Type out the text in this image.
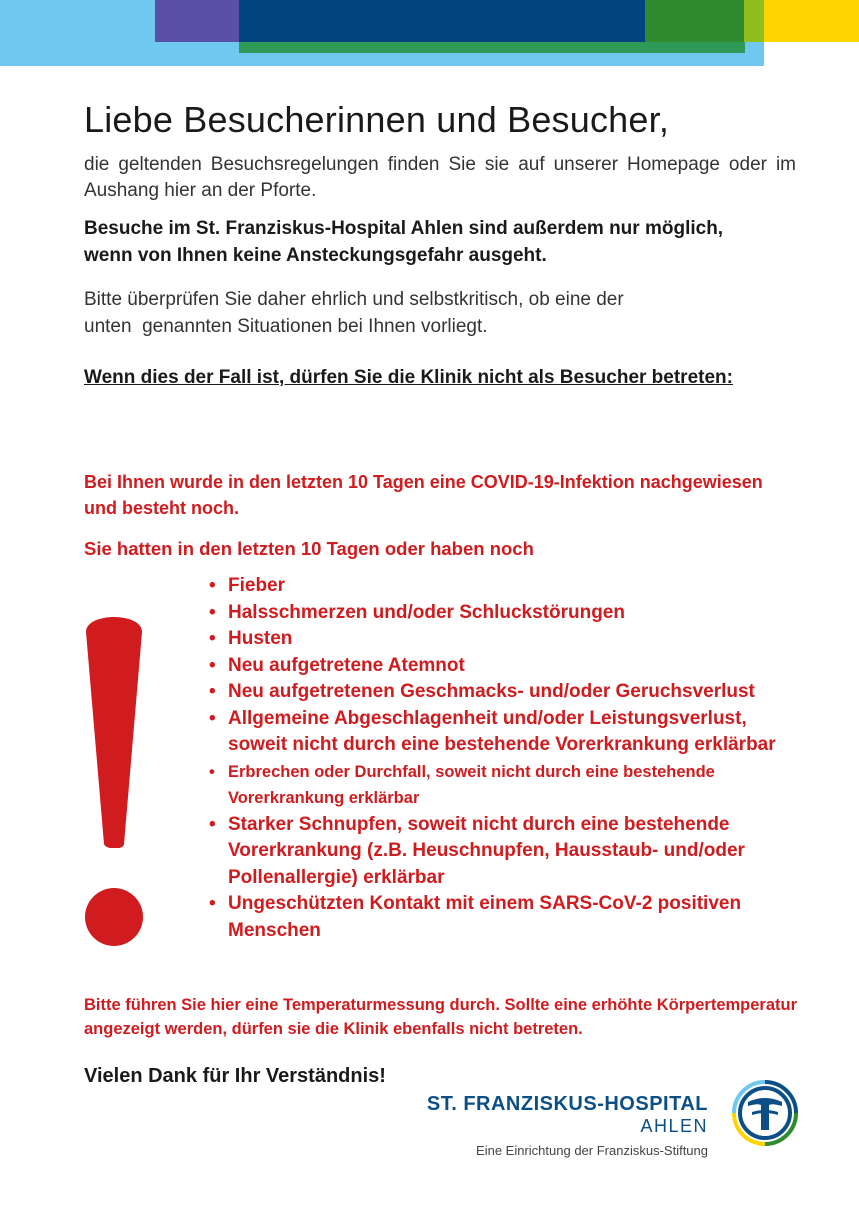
Liebe Besucherinnen und Besucher,

die geltenden Besuchsregelungen finden Sie sie auf unserer Homepage oder im Aushang hier an der Pforte.

Besuche im St. Franziskus-Hospital Ahlen sind außerdem nur möglich,
wenn von Ihnen keine Ansteckungsgefahr ausgeht.

Bitte überprüfen Sie daher ehrlich und selbstkritisch, ob eine der
unten  genannten Situationen bei Ihnen vorliegt.

Wenn dies der Fall ist, dürfen Sie die Klinik nicht als Besucher betreten:

Bei Ihnen wurde in den letzten 10 Tagen eine COVID-19-Infektion nachgewiesen und besteht noch.

Sie hatten in den letzten 10 Tagen oder haben noch

• Fieber
• Halsschmerzen und/oder Schluckstörungen
• Husten
• Neu aufgetretene Atemnot
• Neu aufgetretenen Geschmacks- und/oder Geruchsverlust
• Allgemeine Abgeschlagenheit und/oder Leistungsverlust, soweit nicht durch eine bestehende Vorerkrankung erklärbar
• Erbrechen oder Durchfall, soweit nicht durch eine bestehende Vorerkrankung erklärbar
• Starker Schnupfen, soweit nicht durch eine bestehende Vorerkrankung (z.B. Heuschnupfen, Hausstaub- und/oder Pollenallergie) erklärbar
• Ungeschützten Kontakt mit einem SARS-CoV-2 positiven Menschen

Bitte führen Sie hier eine Temperaturmessung durch. Sollte eine erhöhte Körpertemperatur angezeigt werden, dürfen sie die Klinik ebenfalls nicht betreten.

Vielen Dank für Ihr Verständnis!

ST. FRANZISKUS-HOSPITAL

AHLEN

Eine Einrichtung der Franziskus-Stiftung
